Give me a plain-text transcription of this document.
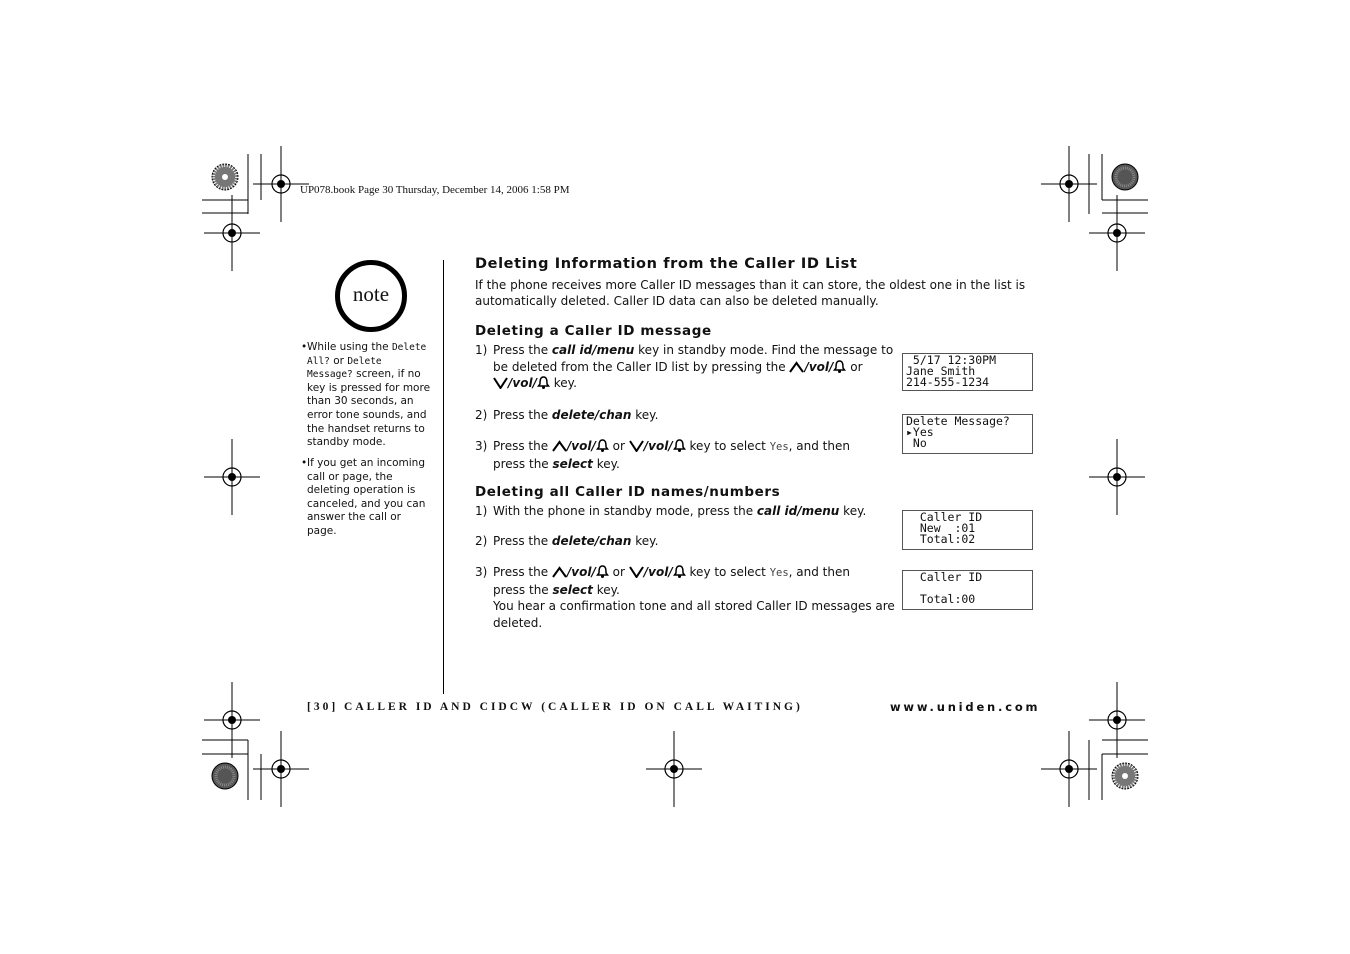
UP078.book Page 30 Thursday, December 14, 2006 1:58 PM
note
• While using the Delete All? or Delete Message? screen, if no key is pressed for more than 30 seconds, an error tone sounds, and the handset returns to standby mode.
• If you get an incoming call or page, the deleting operation is canceled, and you can answer the call or page.
Deleting Information from the Caller ID List
If the phone receives more Caller ID messages than it can store, the oldest one in the list is
automatically deleted. Caller ID data can also be deleted manually.
Deleting a Caller ID message
1) Press the call id/menu key in standby mode. Find the message to
be deleted from the Caller ID list by pressing the /vol/ or
/vol/ key.
2) Press the delete/chan key.
3) Press the /vol/ or /vol/ key to select Yes, and then
press the select key.
Deleting all Caller ID names/numbers
1) With the phone in standby mode, press the call id/menu key.
2) Press the delete/chan key.
3) Press the /vol/ or /vol/ key to select Yes, and then
press the select key.
You hear a confirmation tone and all stored Caller ID messages are
deleted.
5/17 12:30PM
Jane Smith
214-555-1234
Delete Message?
▸Yes
No
Caller ID
New  :01
Total:02
Caller ID

Total:00
[30] CALLER ID AND CIDCW (CALLER ID ON CALL WAITING)	www.uniden.com
